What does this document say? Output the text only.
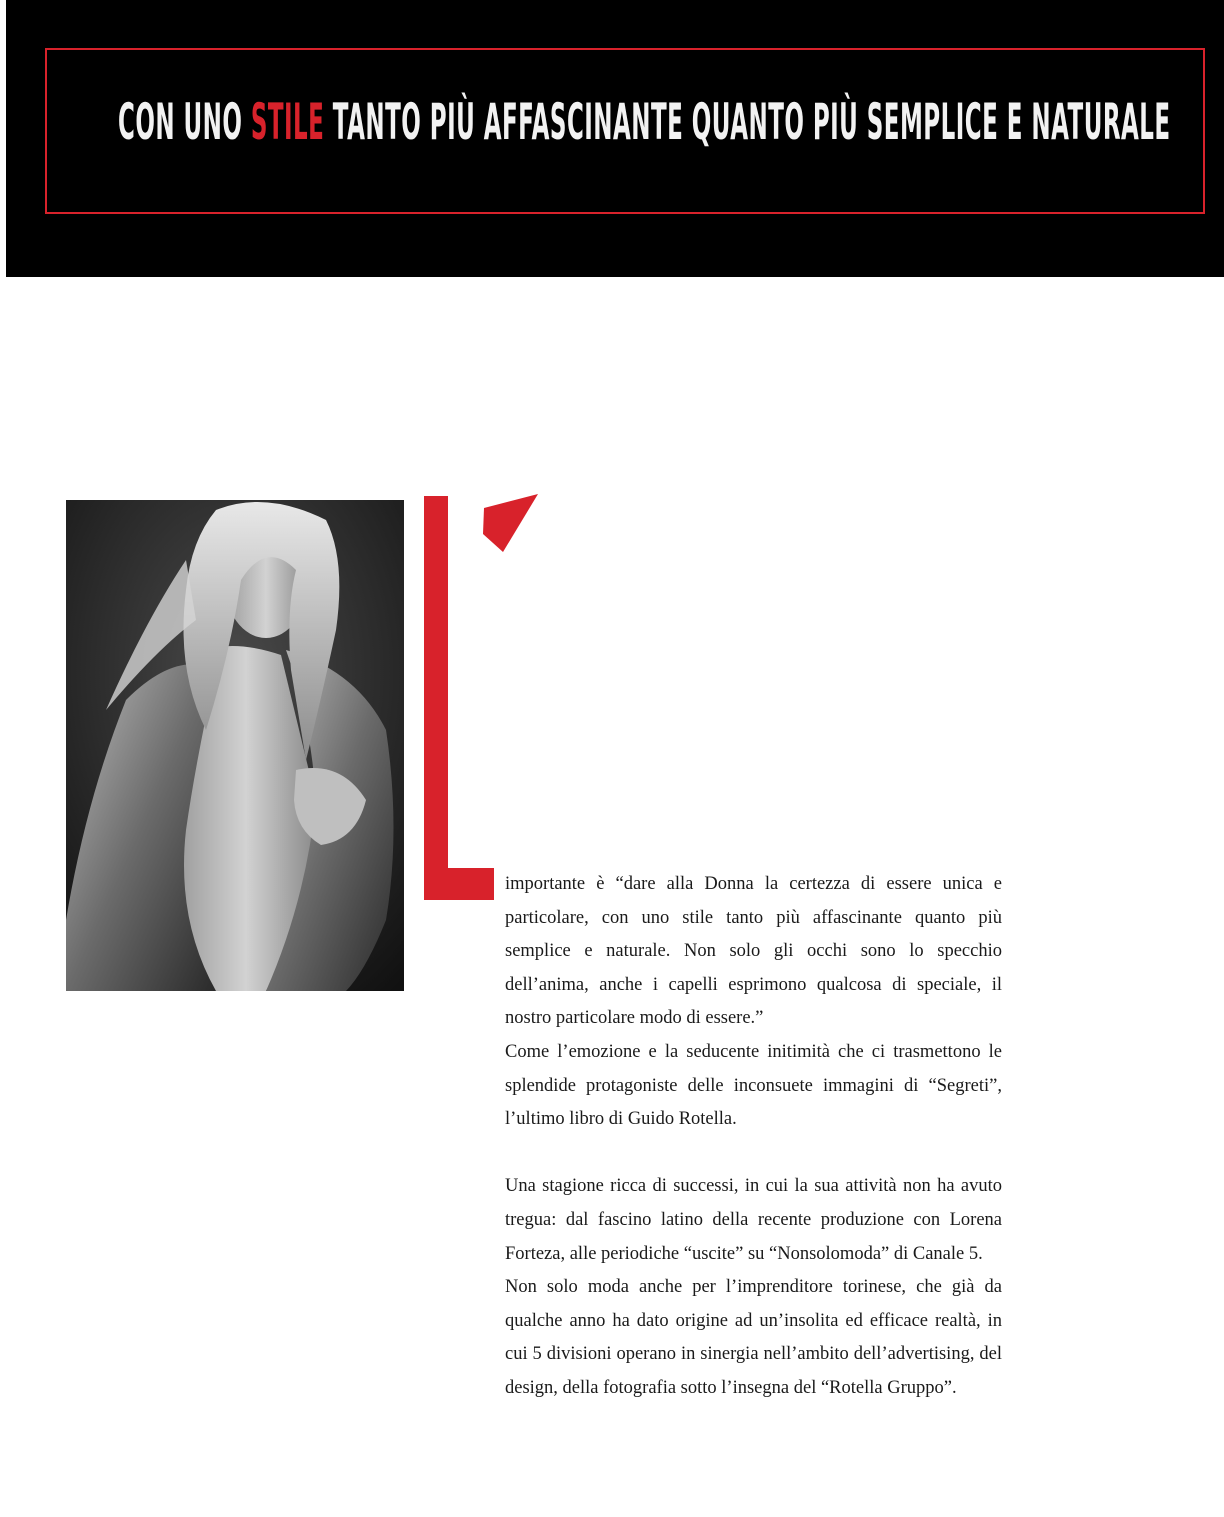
CON UNO STILE TANTO PIÙ AFFASCINANTE QUANTO PIÙ SEMPLICE E NATURALE
L’

importante è “dare alla Donna la certezza di essere unica e particolare, con uno stile tanto più affascinante quanto più semplice e naturale. Non solo gli occhi sono lo specchio dell’anima, anche i capelli esprimono qualcosa di speciale, il nostro particolare modo di essere.”

Come l’emozione e la seducente initimità che ci trasmettono le splendide protagoniste delle inconsuete immagini di “Segreti”, l’ultimo libro di Guido Rotella.

Una stagione ricca di successi, in cui la sua attività non ha avuto tregua: dal fascino latino della recente produzione con Lorena Forteza, alle periodiche “uscite” su “Nonsolomoda” di Canale 5.

Non solo moda anche per l’imprenditore torinese, che già da qualche anno ha dato origine ad un’insolita ed efficace realtà, in cui 5 divisioni operano in sinergia nell’ambito dell’advertising, del design, della fotografia sotto l’insegna del “Rotella Gruppo”.
